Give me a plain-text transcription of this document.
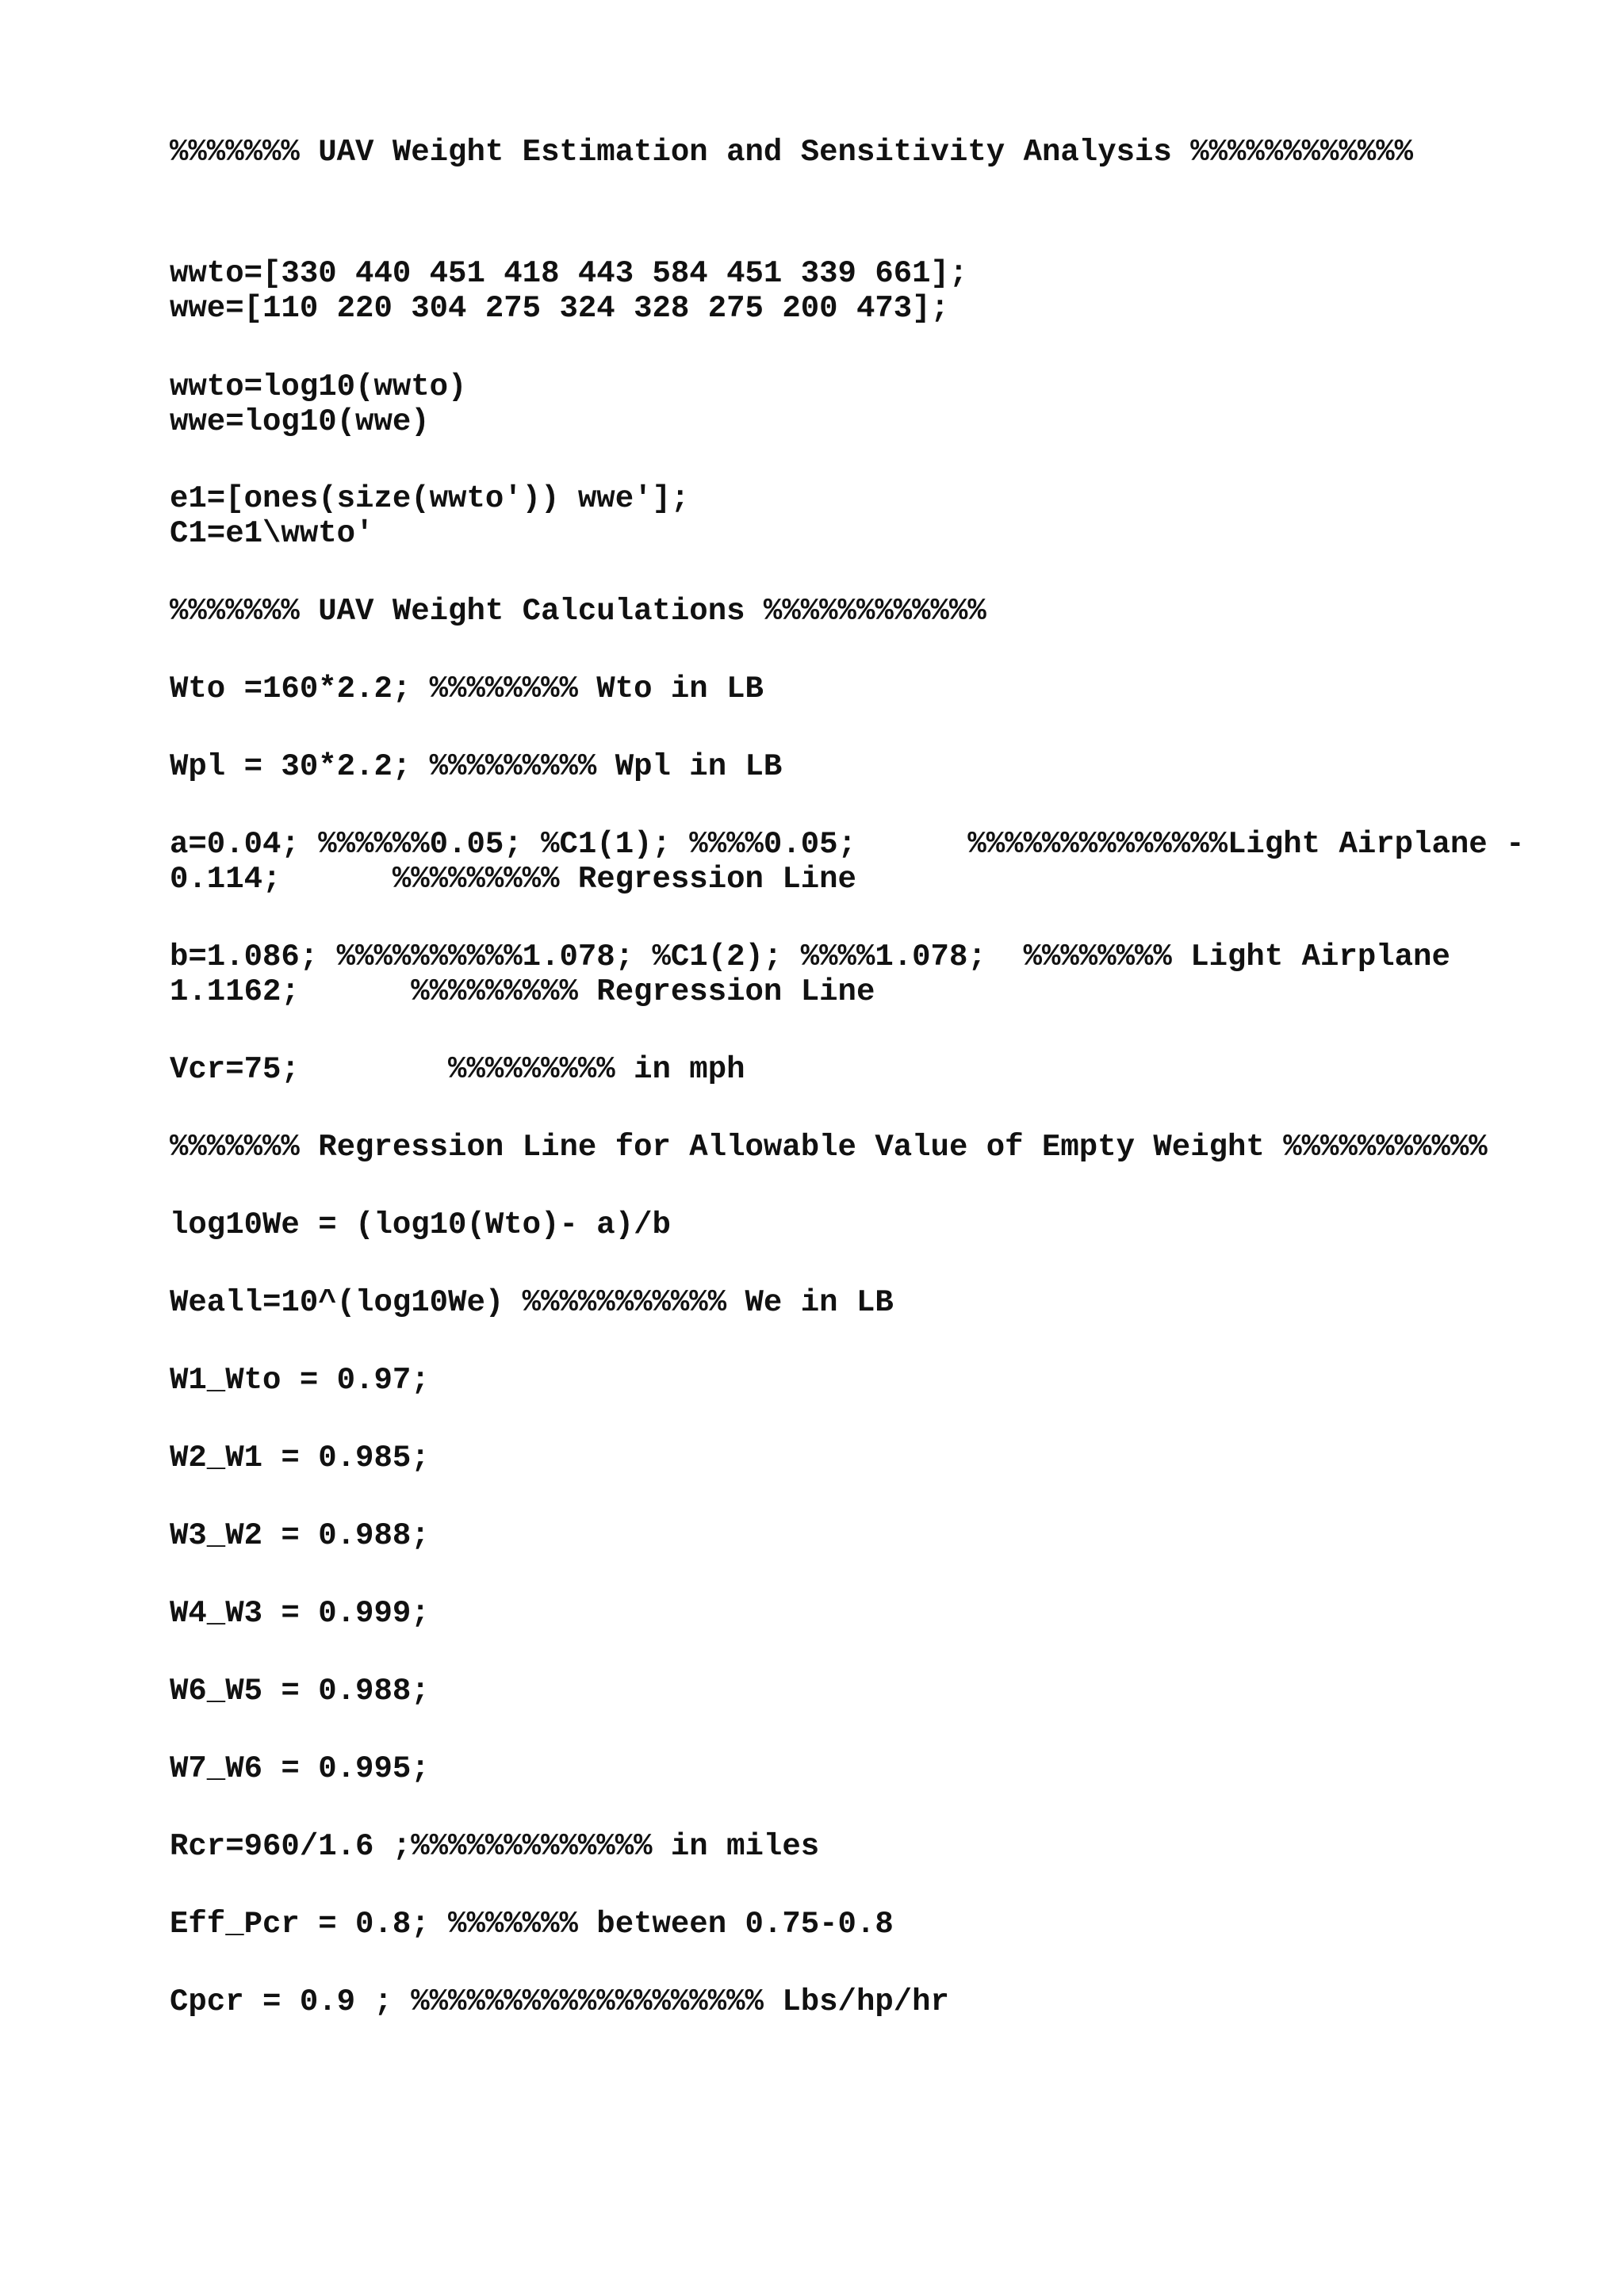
%%%%%%% UAV Weight Estimation and Sensitivity Analysis %%%%%%%%%%%%

wwto=[330 440 451 418 443 584 451 339 661];

wwe=[110 220 304 275 324 328 275 200 473];

wwto=log10(wwto)

wwe=log10(wwe)

e1=[ones(size(wwto')) wwe'];

C1=e1\wwto'

%%%%%%% UAV Weight Calculations %%%%%%%%%%%%

Wto =160*2.2; %%%%%%%% Wto in LB

Wpl = 30*2.2; %%%%%%%%% Wpl in LB

a=0.04; %%%%%%0.05; %C1(1); %%%%0.05;      %%%%%%%%%%%%%%Light Airplane -

0.114;      %%%%%%%%% Regression Line

b=1.086; %%%%%%%%%%1.078; %C1(2); %%%%1.078;  %%%%%%%% Light Airplane

1.1162;      %%%%%%%%% Regression Line

Vcr=75;        %%%%%%%%% in mph

%%%%%%% Regression Line for Allowable Value of Empty Weight %%%%%%%%%%%

log10We = (log10(Wto)- a)/b

Weall=10^(log10We) %%%%%%%%%%% We in LB

W1_Wto = 0.97;

W2_W1 = 0.985;

W3_W2 = 0.988;

W4_W3 = 0.999;

W6_W5 = 0.988;

W7_W6 = 0.995;

Rcr=960/1.6 ;%%%%%%%%%%%%% in miles

Eff_Pcr = 0.8; %%%%%%% between 0.75-0.8

Cpcr = 0.9 ; %%%%%%%%%%%%%%%%%%% Lbs/hp/hr
